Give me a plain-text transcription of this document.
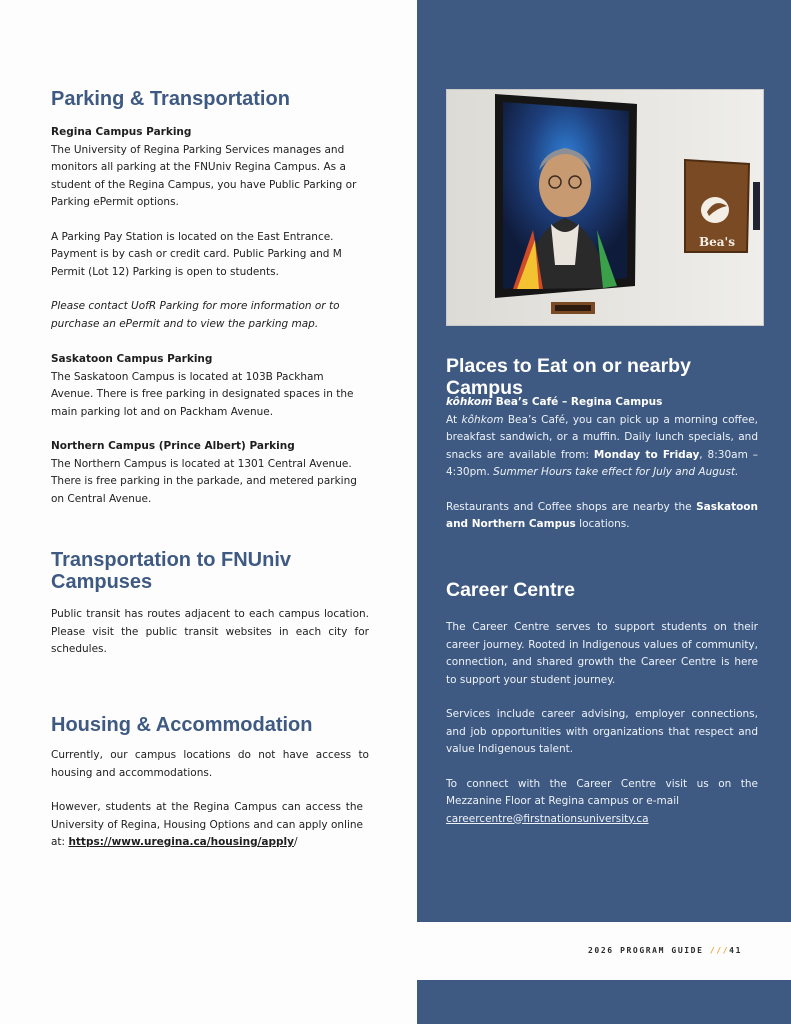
Parking & Transportation

Regina Campus Parking

The University of Regina Parking Services manages and monitors all parking at the FNUniv Regina Campus. As a student of the Regina Campus, you have Public Parking or Parking ePermit options.

A Parking Pay Station is located on the East Entrance. Payment is by cash or credit card. Public Parking and M Permit (Lot 12) Parking is open to students.

Please contact UofR Parking for more information or to purchase an ePermit and to view the parking map.

Saskatoon Campus Parking

The Saskatoon Campus is located at 103B Packham Avenue. There is free parking in designated spaces in the main parking lot and on Packham Avenue.

Northern Campus (Prince Albert) Parking

The Northern Campus is located at 1301 Central Avenue. There is free parking in the parkade, and metered parking on Central Avenue.

Transportation to FNUniv Campuses

Public transit has routes adjacent to each campus location. Please visit the public transit websites in each city for schedules.

Housing & Accommodation

Currently, our campus locations do not have access to housing and accommodations.

However, students at the Regina Campus can access the University of Regina, Housing Options and can apply online at: https://www.uregina.ca/housing/apply/

Bea's
Places to Eat on or nearby Campus

kôhkom Bea’s Café – Regina Campus

At kôhkom Bea’s Café, you can pick up a morning coffee, breakfast sandwich, or a muffin. Daily lunch specials, and snacks are available from: Monday to Friday, 8:30am – 4:30pm. Summer Hours take effect for July and August.

Restaurants and Coffee shops are nearby the Saskatoon and Northern Campus locations.

Career Centre

The Career Centre serves to support students on their career journey. Rooted in Indigenous values of community, connection, and shared growth the Career Centre is here to support your student journey.

Services include career advising, employer connections, and job opportunities with organizations that respect and value Indigenous talent.

To connect with the Career Centre visit us on the Mezzanine Floor at Regina campus or e-mail

careercentre@firstnationsuniversity.ca

2026 PROGRAM GUIDE ///41
